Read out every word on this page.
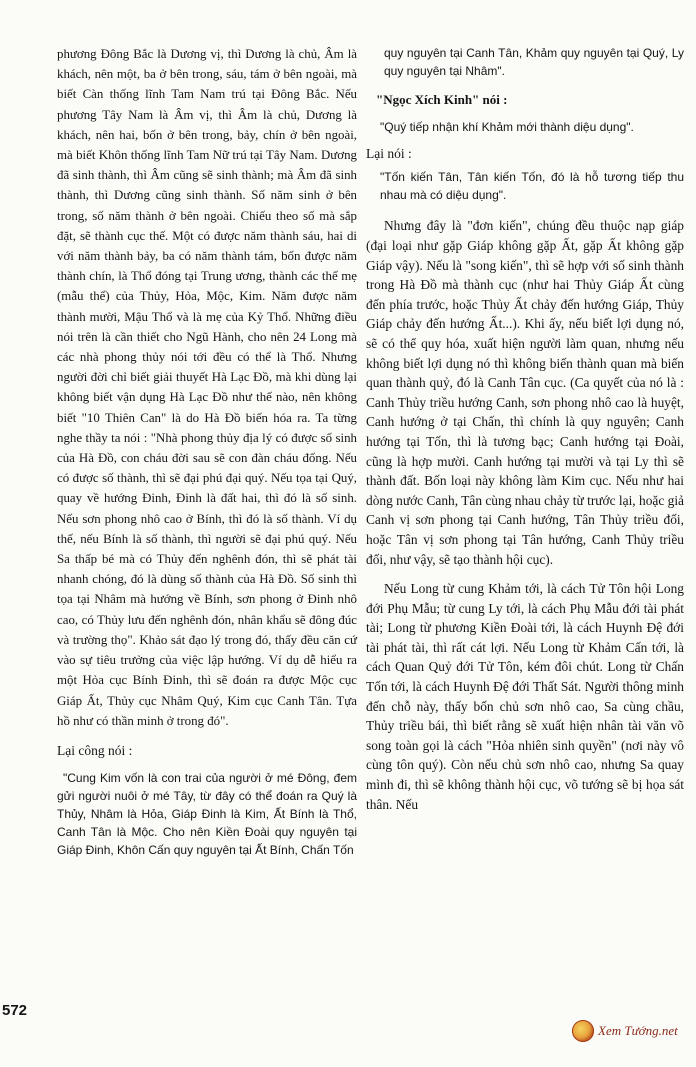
phương Đông Bắc là Dương vị, thì Dương là chủ, Âm là khách, nên một, ba ở bên trong, sáu, tám ở bên ngoài, mà biết Càn thống lĩnh Tam Nam trú tại Đông Bắc. Nếu phương Tây Nam là Âm vị, thì Âm là chủ, Dương là khách, nên hai, bốn ở bên trong, bảy, chín ở bên ngoài, mà biết Khôn thống lĩnh Tam Nữ trú tại Tây Nam. Dương đã sinh thành, thì Âm cũng sẽ sinh thành; mà Âm đã sinh thành, thì Dương cũng sinh thành. Số năm sinh ở bên trong, số năm thành ở bên ngoài. Chiếu theo số mà sắp đặt, sẽ thành cục thế. Một có được năm thành sáu, hai di với năm thành bảy, ba có năm thành tám, bốn được năm thành chín, là Thổ đóng tại Trung ương, thành các thế mẹ (mẫu thể) của Thủy, Hỏa, Mộc, Kim. Năm được năm thành mười, Mậu Thổ và là mẹ của Kỷ Thổ. Những điều nói trên là cần thiết cho Ngũ Hành, cho nên 24 Long mà các nhà phong thủy nói tới đều có thể là Thổ. Nhưng người đời chỉ biết giải thuyết Hà Lạc Đồ, mà khi dùng lại không biết vận dụng Hà Lạc Đồ như thế nào, nên không biết "10 Thiên Can" là do Hà Đồ biến hóa ra. Ta từng nghe thầy ta nói : "Nhà phong thủy địa lý có được số sinh của Hà Đồ, con cháu đời sau sẽ con đàn cháu đống. Nếu có được số thành, thì sẽ đại phú đại quý. Nếu tọa tại Quý, quay về hướng Đinh, Đinh là đất hai, thì đó là số sinh. Nếu sơn phong nhô cao ở Bính, thì đó là số thành. Ví dụ thế, nếu Bính là số thành, thì người sẽ đại phú quý. Nếu Sa thấp bé mà có Thủy đến nghênh đón, thì sẽ phát tài nhanh chóng, đó là dùng số thành của Hà Đồ. Số sinh thì tọa tại Nhâm mà hướng về Bính, sơn phong ở Đinh nhô cao, có Thủy lưu đến nghênh đón, nhân khẩu sẽ đông đúc và trường thọ". Khảo sát đạo lý trong đó, thấy đều căn cứ vào sự tiêu trưởng của việc lập hướng. Ví dụ dễ hiểu ra một Hỏa cục Bính Đinh, thì sẽ đoán ra được Mộc cục Giáp Ất, Thủy cục Nhâm Quý, Kim cục Canh Tân. Tựa hồ như có thần minh ở trong đó".

Lại công nói :

"Cung Kim vốn là con trai của người ở mé Đông, đem gửi người nuôi ở mé Tây, từ đây có thể đoán ra Quý là Thủy, Nhâm là Hỏa, Giáp Đinh là Kim, Ất Bính là Thổ, Canh Tân là Mộc. Cho nên Kiền Đoài quy nguyên tại Giáp Đinh, Khôn Cấn quy nguyên tại Ất Bính, Chấn Tốn

quy nguyên tại Canh Tân, Khảm quy nguyên tại Quý, Ly quy nguyên tại Nhâm".

"Ngọc Xích Kinh" nói :

"Quý tiếp nhận khí Khảm mới thành diệu dụng".

Lại nói :

"Tốn kiến Tân, Tân kiến Tốn, đó là hỗ tương tiếp thu nhau mà có diệu dụng".

Nhưng đây là "đơn kiến", chúng đều thuộc nạp giáp (đại loại như gặp Giáp không gặp Ất, gặp Ất không gặp Giáp vậy). Nếu là "song kiến", thì sẽ hợp với số sinh thành trong Hà Đồ mà thành cục (như hai Thủy Giáp Ất cùng đến phía trước, hoặc Thủy Ất chảy đến hướng Giáp, Thủy Giáp chảy đến hướng Ất...). Khi ấy, nếu biết lợi dụng nó, sẽ có thể quy hóa, xuất hiện người làm quan, nhưng nếu không biết lợi dụng nó thì không biến thành quan mà biến quan thành quỷ, đó là Canh Tân cục. (Ca quyết của nó là : Canh Thủy triều hướng Canh, sơn phong nhô cao là huyệt, Canh hướng ở tại Chấn, thì chính là quy nguyên; Canh hướng tại Tốn, thì là tương bạc; Canh hướng tại Đoài, cũng là hợp mười. Canh hướng tại mười và tại Ly thì sẽ thành đất. Bốn loại này không làm Kim cục. Nếu như hai dòng nước Canh, Tân cùng nhau chảy từ trước lại, hoặc giả Canh vị sơn phong tại Canh hướng, Tân Thủy triều đối, hoặc Tân vị sơn phong tại Tân hướng, Canh Thủy triều đối, như vậy, sẽ tạo thành hội cục).

Nếu Long từ cung Khảm tới, là cách Tử Tôn hội Long đới Phụ Mẫu; từ cung Ly tới, là cách Phụ Mẫu đới tài phát tài; Long từ phương Kiền Đoài tới, là cách Huynh Đệ đới tài phát tài, thì rất cát lợi. Nếu Long từ Khảm Cấn tới, là cách Quan Quỷ đới Tử Tôn, kém đôi chút. Long từ Chấn Tốn tới, là cách Huynh Đệ đới Thất Sát. Người thông minh đến chỗ này, thấy bốn chủ sơn nhô cao, Sa cùng chầu, Thủy triều bái, thì biết rằng sẽ xuất hiện nhân tài văn võ song toàn gọi là cách "Hỏa nhiên sinh quyền" (nơi này vô cùng tôn quý). Còn nếu chủ sơn nhô cao, nhưng Sa quay mình đi, thì sẽ không thành hội cục, võ tướng sẽ bị họa sát thân. Nếu

572
Xem Tướng.net
